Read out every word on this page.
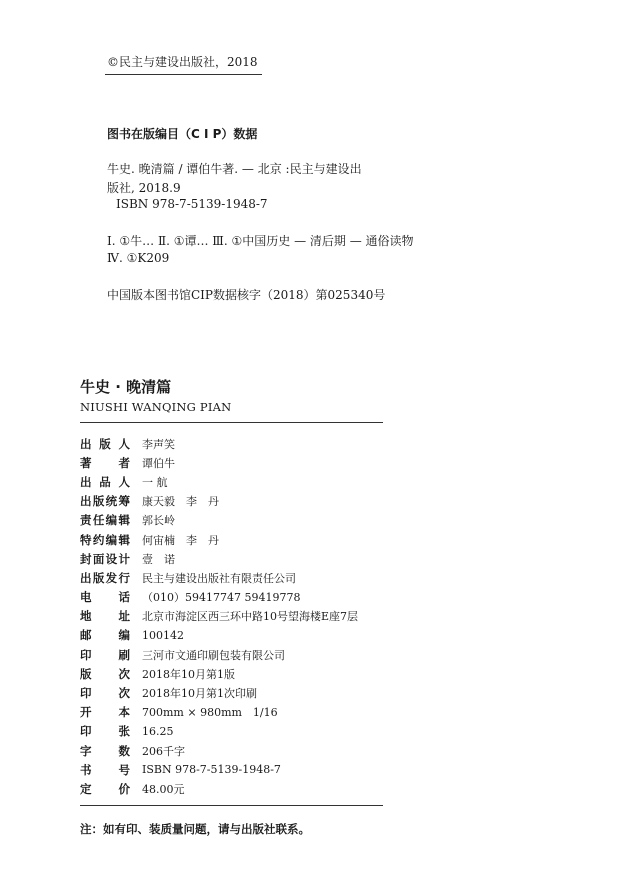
©民主与建设出版社，2018
图书在版编目（C I P）数据
牛史. 晚清篇 / 谭伯牛著. — 北京 :民主与建设出
版社, 2018.9
ISBN 978-7-5139-1948-7
Ⅰ. ①牛… Ⅱ. ①谭… Ⅲ. ①中国历史 — 清后期 — 通俗读物
Ⅳ. ①K209
中国版本图书馆CIP数据核字（2018）第025340号
牛史 · 晚清篇
NIUSHI WANQING PIAN
出版人 李声笑
著者 谭伯牛
出品人 一 航
出版统筹 康天毅　李　丹
责任编辑 郭长岭
特约编辑 何宙楠　李　丹
封面设计 壹　诺
出版发行 民主与建设出版社有限责任公司
电话 （010）59417747 59419778
地址 北京市海淀区西三环中路10号望海楼E座7层
邮编 100142
印刷 三河市文通印刷包装有限公司
版次 2018年10月第1版
印次 2018年10月第1次印刷
开本 700mm × 980mm　1/16
印张 16.25
字数 206千字
书号 ISBN 978-7-5139-1948-7
定价 48.00元
注：如有印、装质量问题，请与出版社联系。
